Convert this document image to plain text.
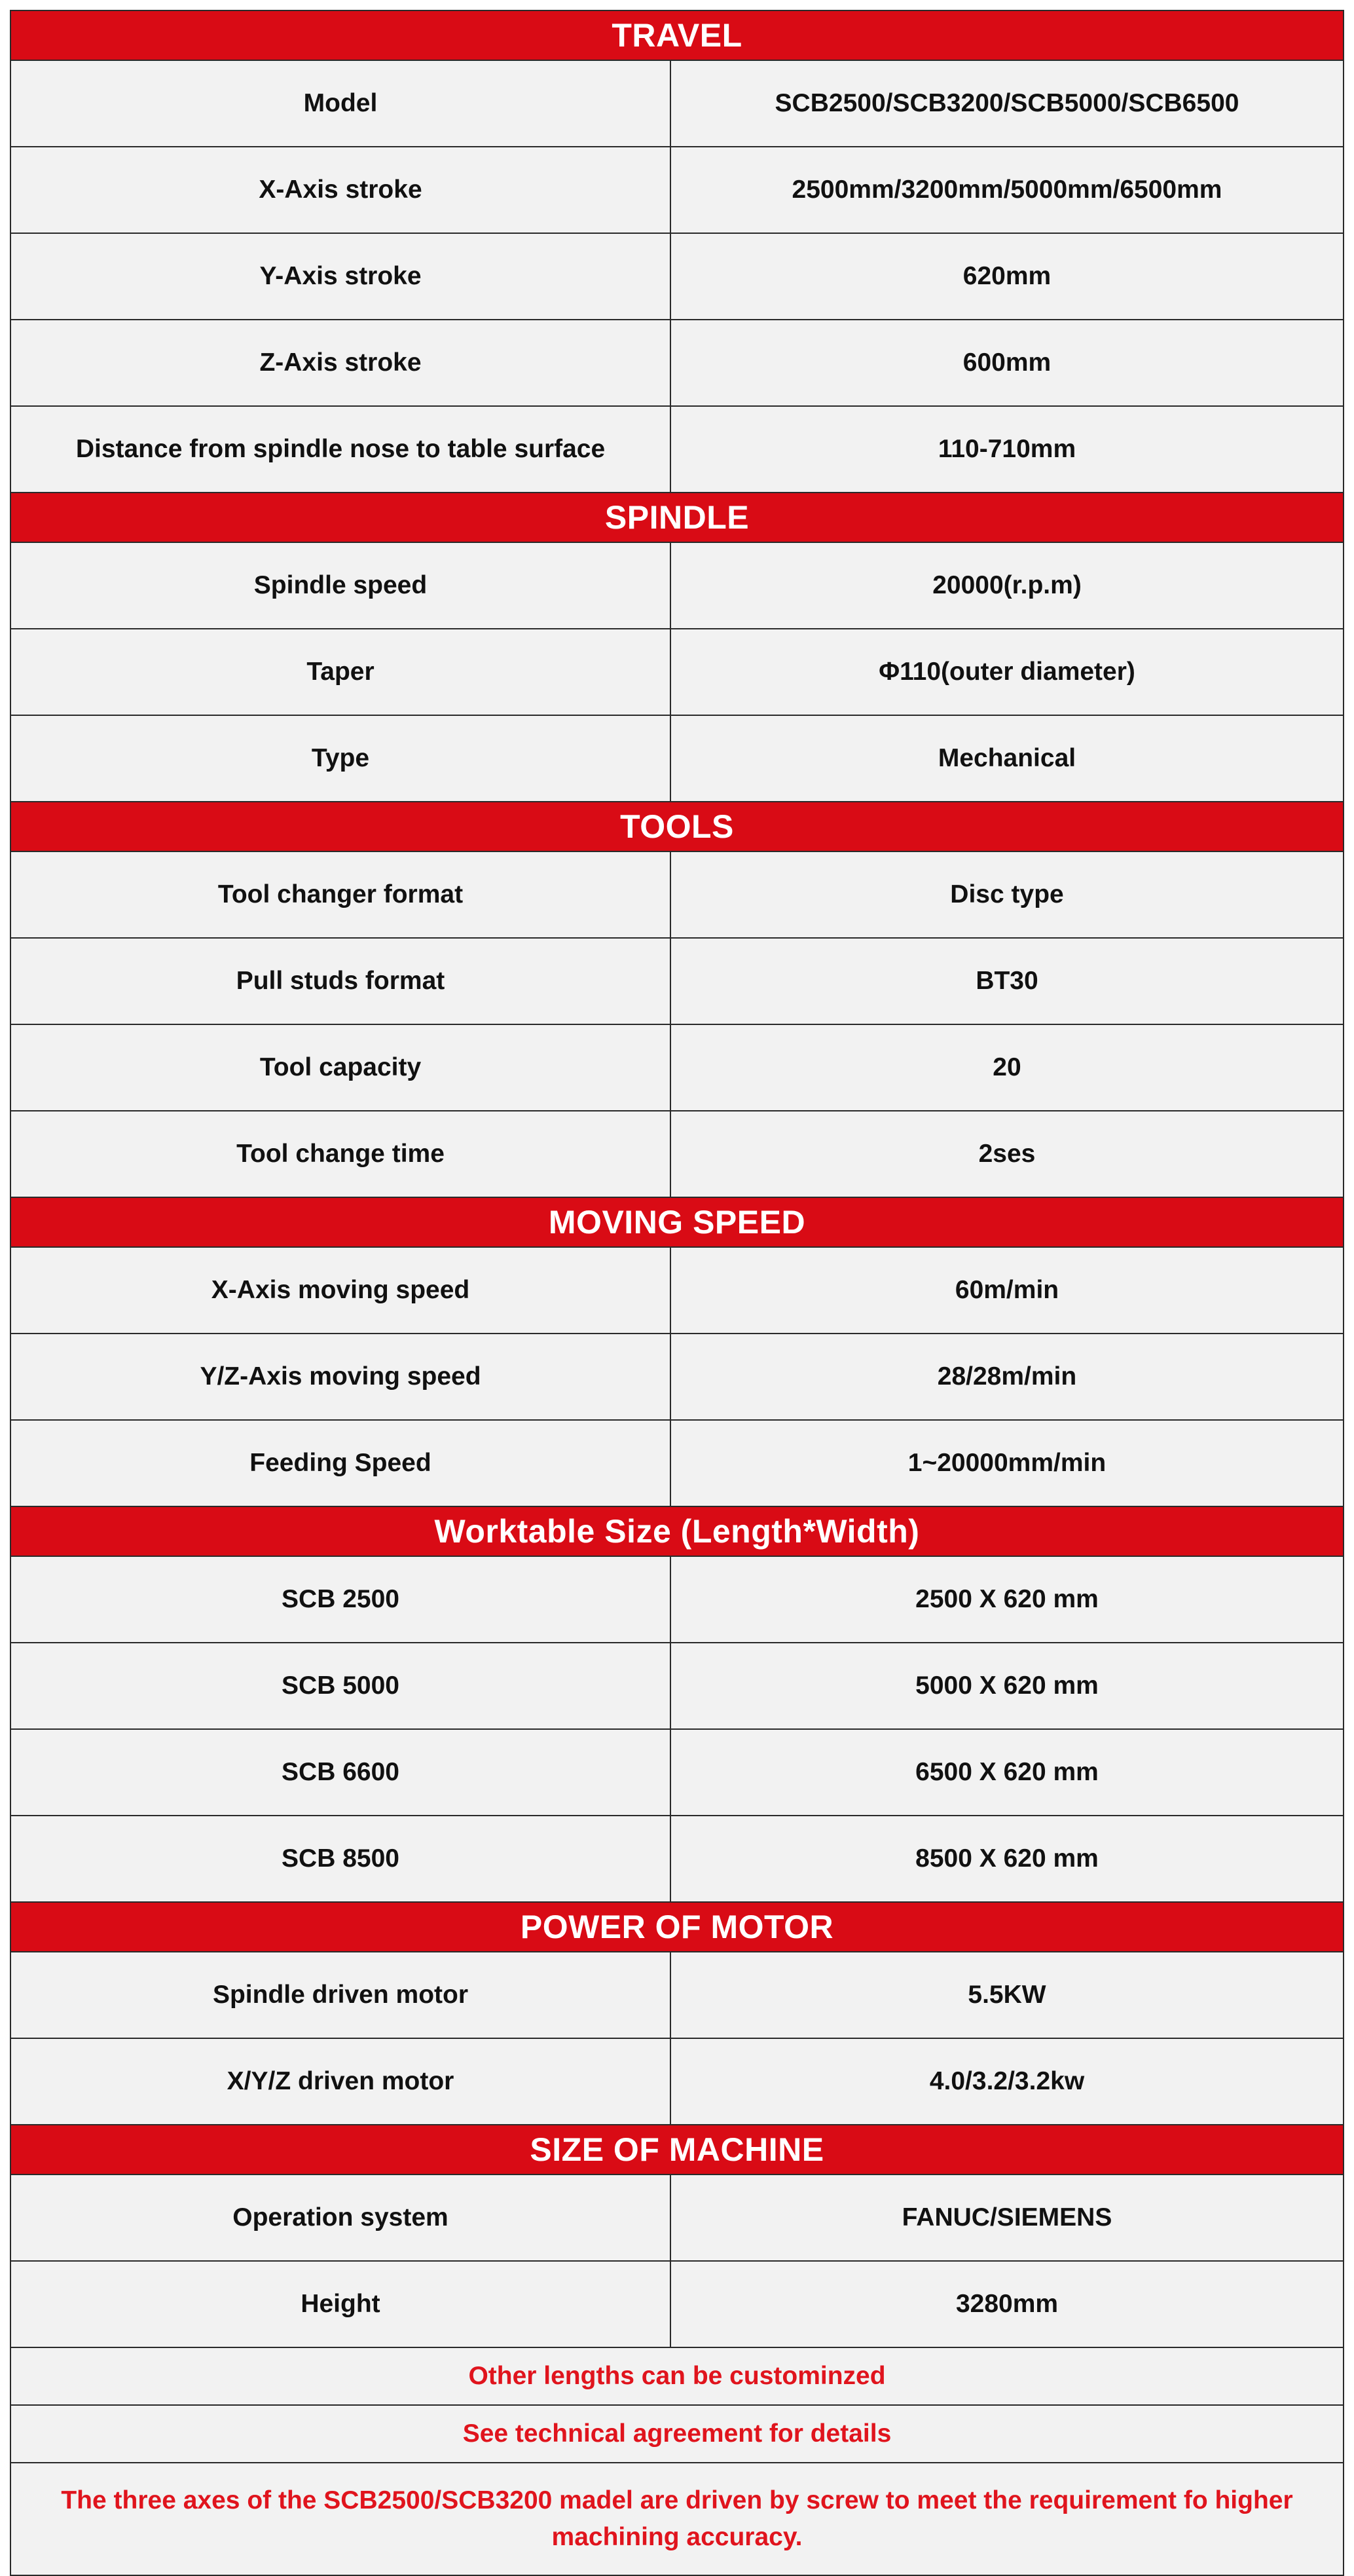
TRAVEL
Model	SCB2500/SCB3200/SCB5000/SCB6500
X-Axis stroke	2500mm/3200mm/5000mm/6500mm
Y-Axis stroke	620mm
Z-Axis stroke	600mm
Distance from spindle nose to table surface	110-710mm
SPINDLE
Spindle speed	20000(r.p.m)
Taper	Φ110(outer diameter)
Type	Mechanical
TOOLS
Tool changer format	Disc type
Pull studs format	BT30
Tool capacity	20
Tool change time	2ses
MOVING SPEED
X-Axis moving speed	60m/min
Y/Z-Axis moving speed	28/28m/min
Feeding Speed	1~20000mm/min
Worktable Size (Length*Width)
SCB 2500	2500 X 620 mm
SCB 5000	5000 X 620 mm
SCB 6600	6500 X 620 mm
SCB 8500	8500 X 620 mm
POWER OF MOTOR
Spindle driven motor	5.5KW
X/Y/Z driven motor	4.0/3.2/3.2kw
SIZE OF MACHINE
Operation system	FANUC/SIEMENS
Height	3280mm
Other lengths can be custominzed
See technical agreement for details
The three axes of the SCB2500/SCB3200 madel are driven by screw to meet the requirement fo higher machining accuracy.
